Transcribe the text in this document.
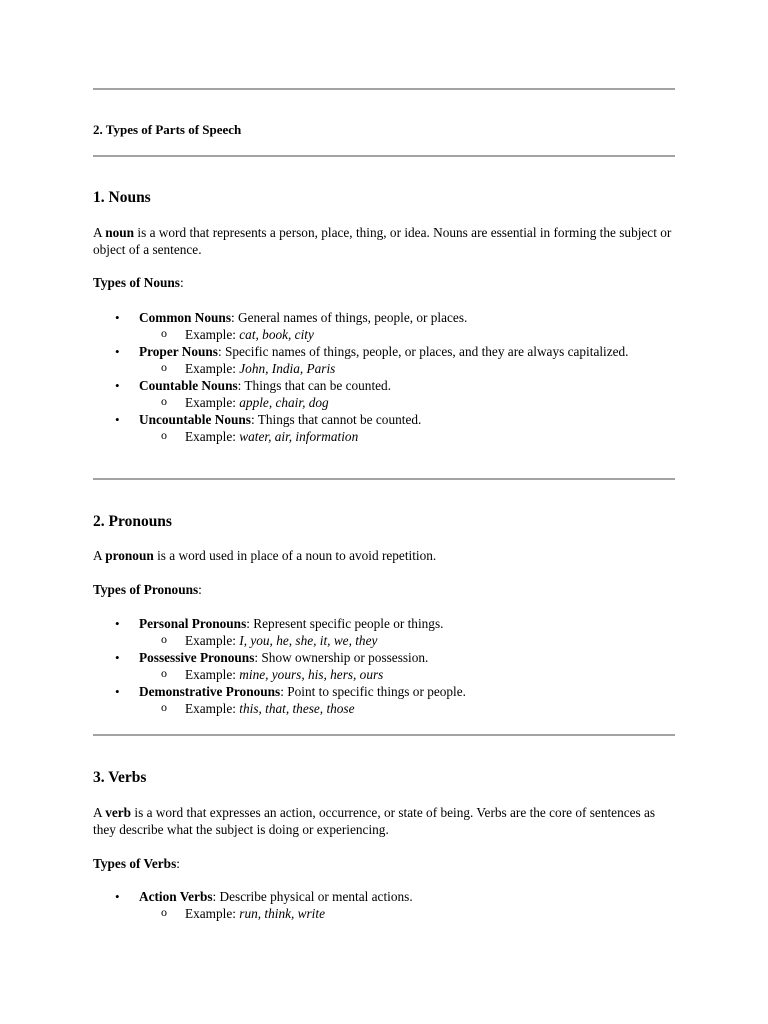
2. Types of Parts of Speech
1. Nouns
A noun is a word that represents a person, place, thing, or idea. Nouns are essential in forming the subject or object of a sentence.
Types of Nouns:
• Common Nouns: General names of things, people, or places.
o Example: cat, book, city
• Proper Nouns: Specific names of things, people, or places, and they are always capitalized.
o Example: John, India, Paris
• Countable Nouns: Things that can be counted.
o Example: apple, chair, dog
• Uncountable Nouns: Things that cannot be counted.
o Example: water, air, information
2. Pronouns
A pronoun is a word used in place of a noun to avoid repetition.
Types of Pronouns:
• Personal Pronouns: Represent specific people or things.
o Example: I, you, he, she, it, we, they
• Possessive Pronouns: Show ownership or possession.
o Example: mine, yours, his, hers, ours
• Demonstrative Pronouns: Point to specific things or people.
o Example: this, that, these, those
3. Verbs
A verb is a word that expresses an action, occurrence, or state of being. Verbs are the core of sentences as they describe what the subject is doing or experiencing.
Types of Verbs:
• Action Verbs: Describe physical or mental actions.
o Example: run, think, write
